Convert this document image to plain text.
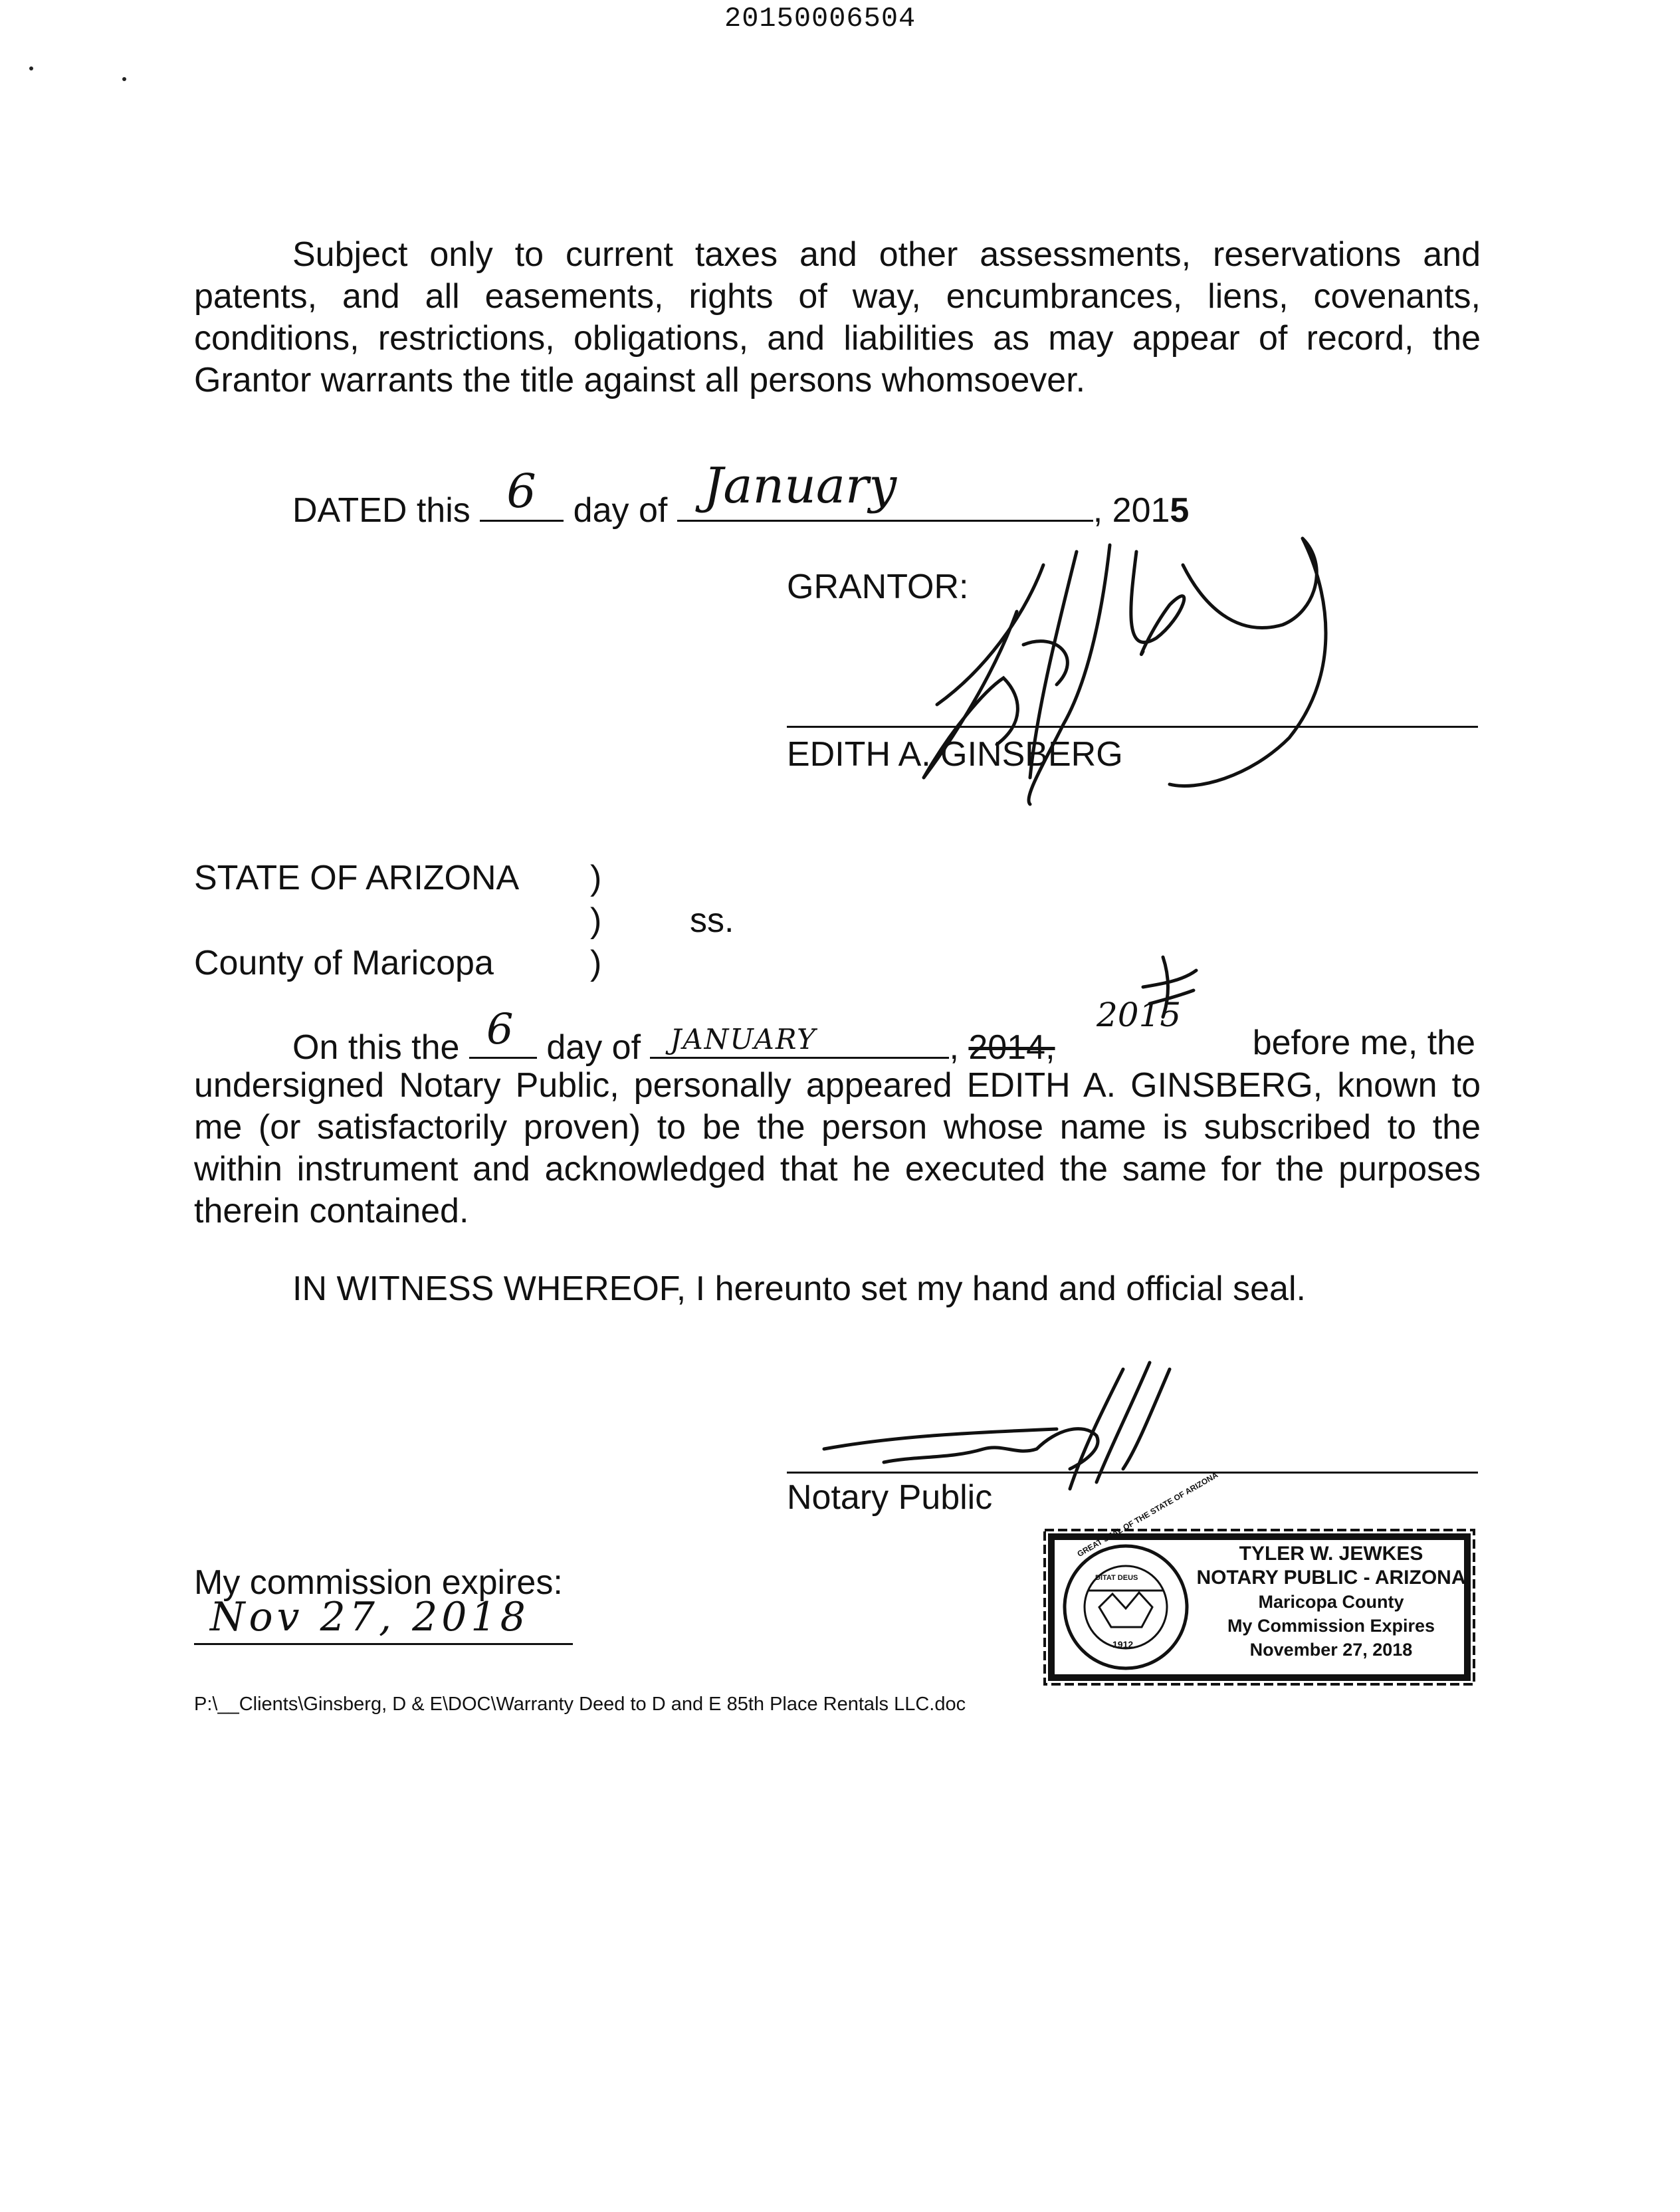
20150006504
Subject only to current taxes and other assessments, reservations and patents, and all easements, rights of way, encumbrances, liens, covenants, conditions, restrictions, obligations, and liabilities as may appear of record, the Grantor warrants the title against all persons whomsoever.
DATED this 6 day of January	, 2015
GRANTOR:
EDITH A. GINSBERG
STATE OF ARIZONA )
)	ss.
County of Maricopa	)
On this the 6 day of JANUARY	, 2014,	before me, the
2015
undersigned Notary Public, personally appeared EDITH A. GINSBERG, known to me (or satisfactorily proven) to be the person whose name is subscribed to the within instrument and acknowledged that he executed the same for the purposes therein contained.
IN WITNESS WHEREOF, I hereunto set my hand and official seal.
Notary Public
My commission expires:
Nov 27, 2018
DITAT DEUS
1912
GREAT SEAL OF THE STATE OF ARIZONA TYLER W. JEWKES
NOTARY PUBLIC - ARIZONA
Maricopa County
My Commission Expires
November 27, 2018
P:\__Clients\Ginsberg, D & E\DOC\Warranty Deed to D and E 85th Place Rentals LLC.doc
